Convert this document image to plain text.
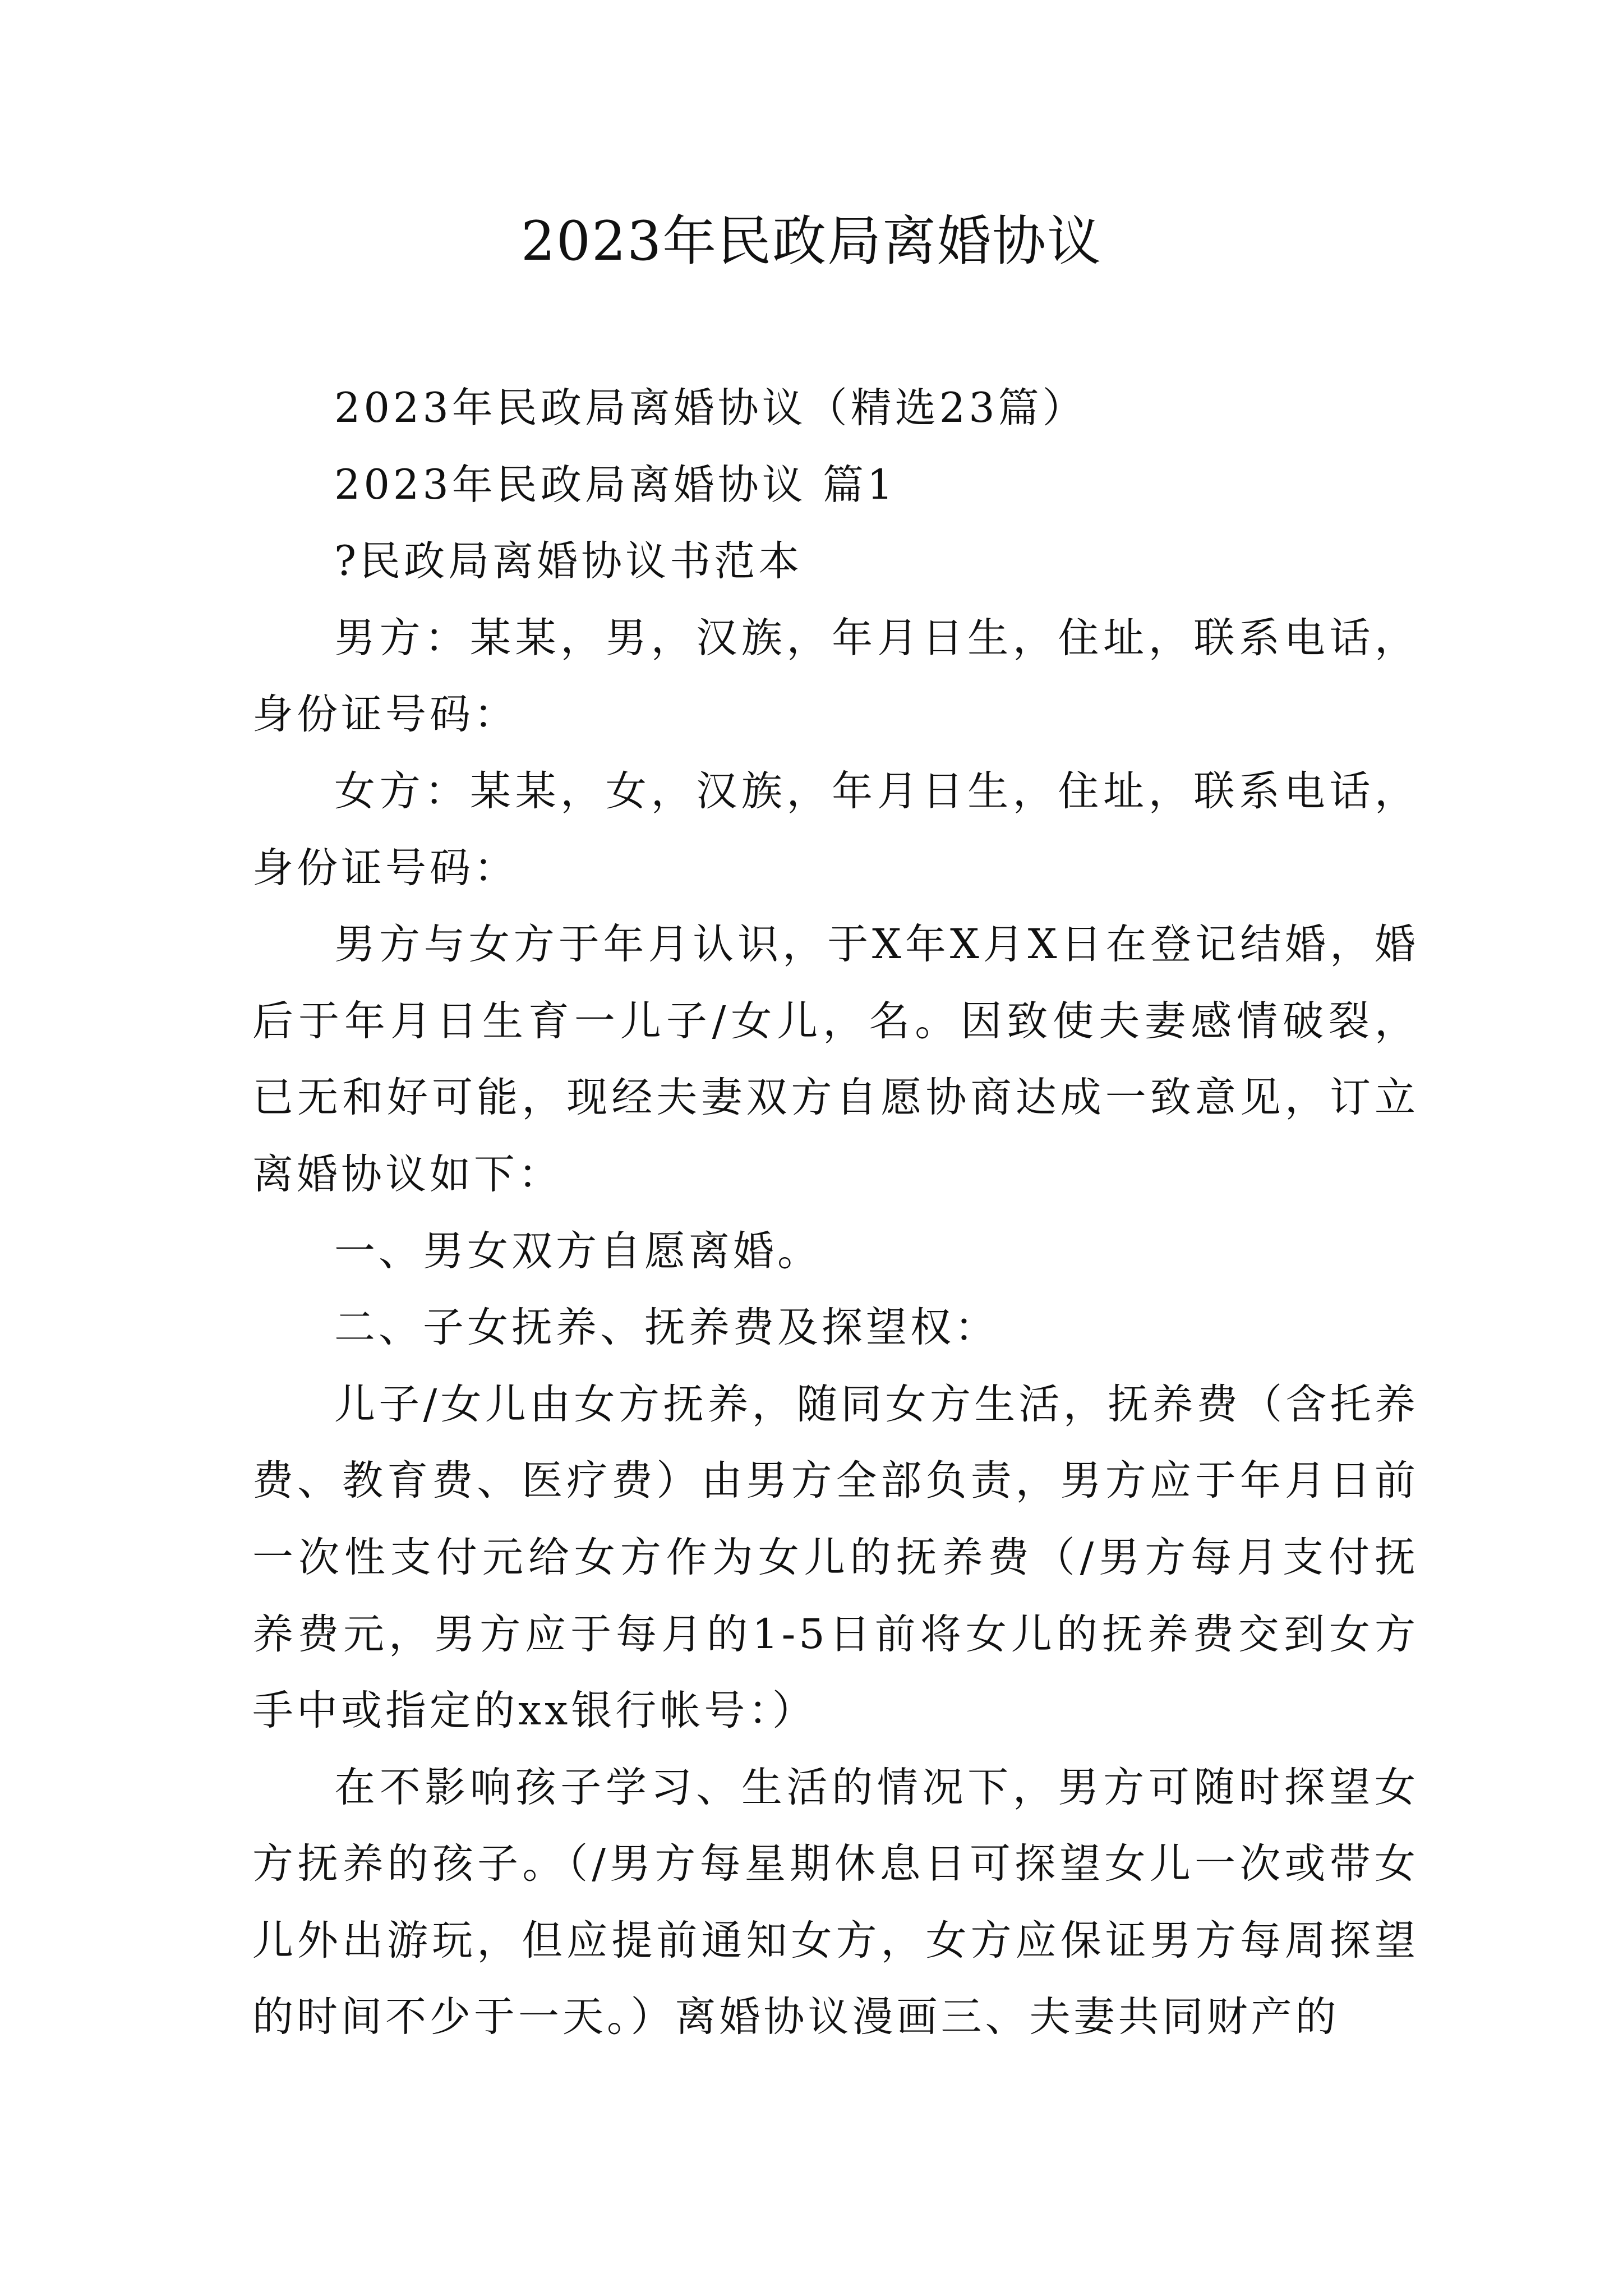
2023年民政局离婚协议

2023年民政局离婚协议（精选23篇）

2023年民政局离婚协议 篇1

?民政局离婚协议书范本

男方：某某，男，汉族，年月日生，住址，联系电话，身份证号码：

女方：某某，女，汉族，年月日生，住址，联系电话，身份证号码：

男方与女方于年月认识，于X年X月X日在登记结婚，婚后于年月日生育一儿子/女儿，名。因致使夫妻感情破裂，已无和好可能，现经夫妻双方自愿协商达成一致意见，订立离婚协议如下：

一、男女双方自愿离婚。

二、子女抚养、抚养费及探望权：

儿子/女儿由女方抚养，随同女方生活，抚养费（含托养费、教育费、医疗费）由男方全部负责，男方应于年月日前一次性支付元给女方作为女儿的抚养费（/男方每月支付抚养费元，男方应于每月的1-5日前将女儿的抚养费交到女方手中或指定的xx银行帐号：）

在不影响孩子学习、生活的情况下，男方可随时探望女方抚养的孩子。（/男方每星期休息日可探望女儿一次或带女儿外出游玩，但应提前通知女方，女方应保证男方每周探望的时间不少于一天。）离婚协议漫画三、夫妻共同财产的
